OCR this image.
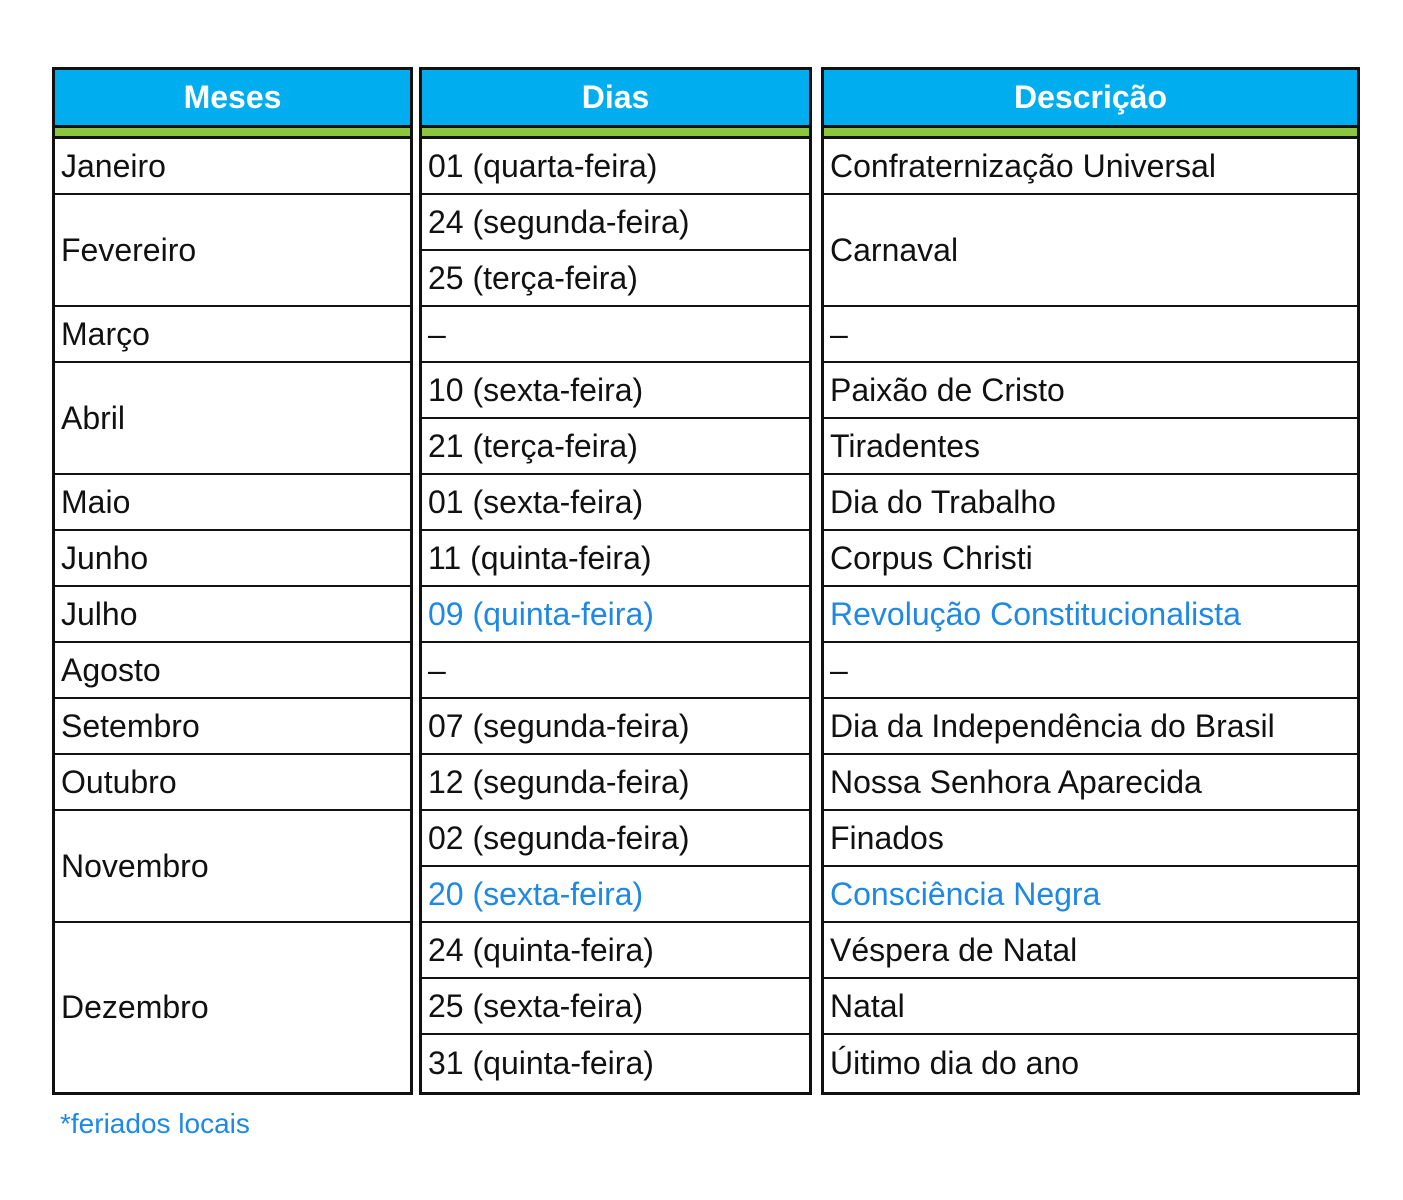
Meses
Janeiro
Fevereiro
Março
Abril
Maio
Junho
Julho
Agosto
Setembro
Outubro
Novembro
Dezembro
Dias
01 (quarta-feira)
24 (segunda-feira)
25 (terça-feira)
–
10 (sexta-feira)
21 (terça-feira)
01 (sexta-feira)
11 (quinta-feira)
09 (quinta-feira)
–
07 (segunda-feira)
12 (segunda-feira)
02 (segunda-feira)
20 (sexta-feira)
24 (quinta-feira)
25 (sexta-feira)
31 (quinta-feira)
Descrição
Confraternização Universal
Carnaval
–
Paixão de Cristo
Tiradentes
Dia do Trabalho
Corpus Christi
Revolução Constitucionalista
–
Dia da Independência do Brasil
Nossa Senhora Aparecida
Finados
Consciência Negra
Véspera de Natal
Natal
Úitimo dia do ano
*feriados locais
